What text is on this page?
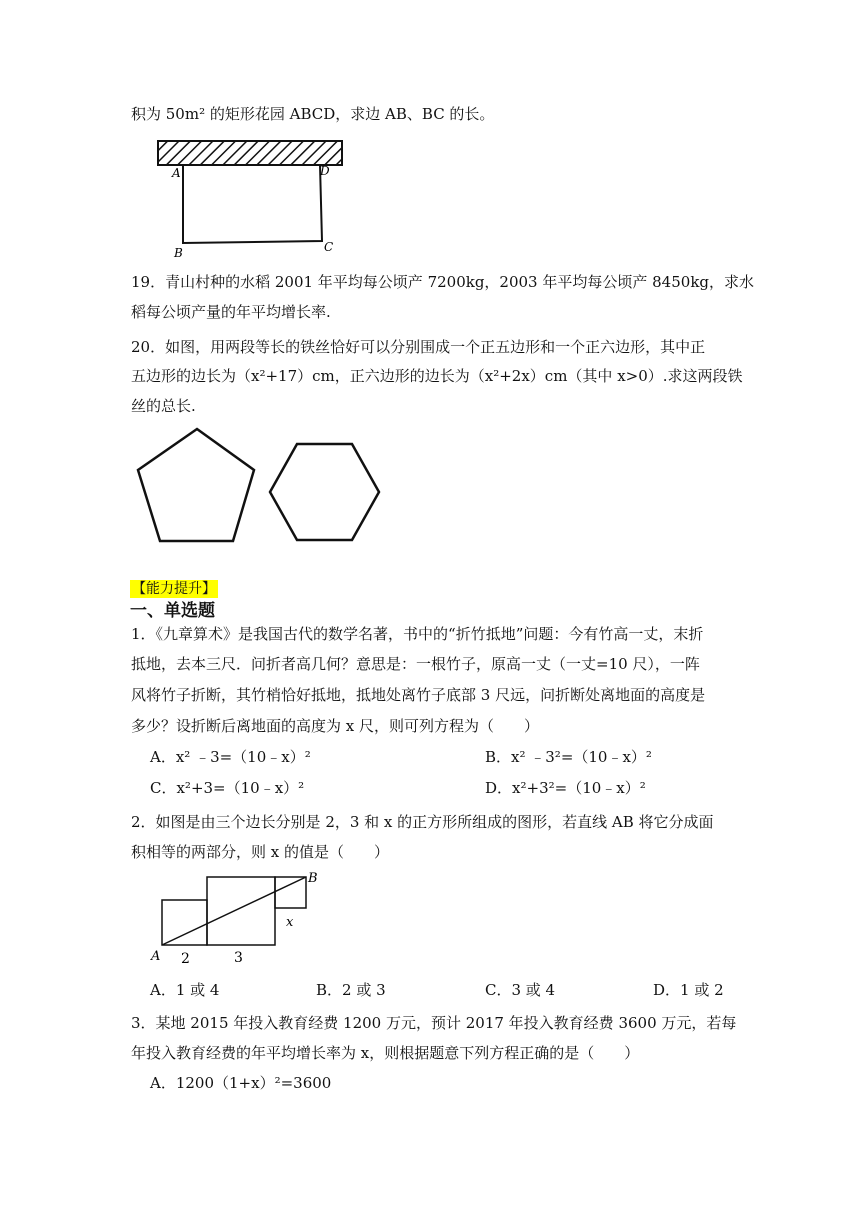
积为 50m² 的矩形花园 ABCD，求边 AB、BC 的长。
A	D
B	C
19．青山村种的水稻 2001 年平均每公顷产 7200kg，2003 年平均每公顷产 8450kg，求水
稻每公顷产量的年平均增长率.
20．如图，用两段等长的铁丝恰好可以分别围成一个正五边形和一个正六边形，其中正
五边形的边长为（x²+17）cm，正六边形的边长为（x²+2x）cm（其中 x>0）.求这两段铁
丝的总长.
【能力提升】
一、单选题
1．《九章算术》是我国古代的数学名著，书中的“折竹抵地”问题：今有竹高一丈，末折
抵地，去本三尺．问折者高几何？意思是：一根竹子，原高一丈（一丈=10 尺），一阵
风将竹子折断，其竹梢恰好抵地，抵地处离竹子底部 3 尺远，问折断处离地面的高度是
多少？设折断后离地面的高度为 x 尺，则可列方程为（　　）
A．x² ﹣3=（10﹣x）²	B．x² ﹣3²=（10﹣x）²
C．x²+3=（10﹣x）²	D．x²+3²=（10﹣x）²
2．如图是由三个边长分别是 2，3 和 x 的正方形所组成的图形，若直线 AB 将它分成面
积相等的两部分，则 x 的值是（　　）
A
B
2	3
x
A．1 或 4	B．2 或 3	C．3 或 4	D．1 或 2
3．某地 2015 年投入教育经费 1200 万元，预计 2017 年投入教育经费 3600 万元，若每
年投入教育经费的年平均增长率为 x，则根据题意下列方程正确的是（　　）
A．1200（1+x）²=3600
